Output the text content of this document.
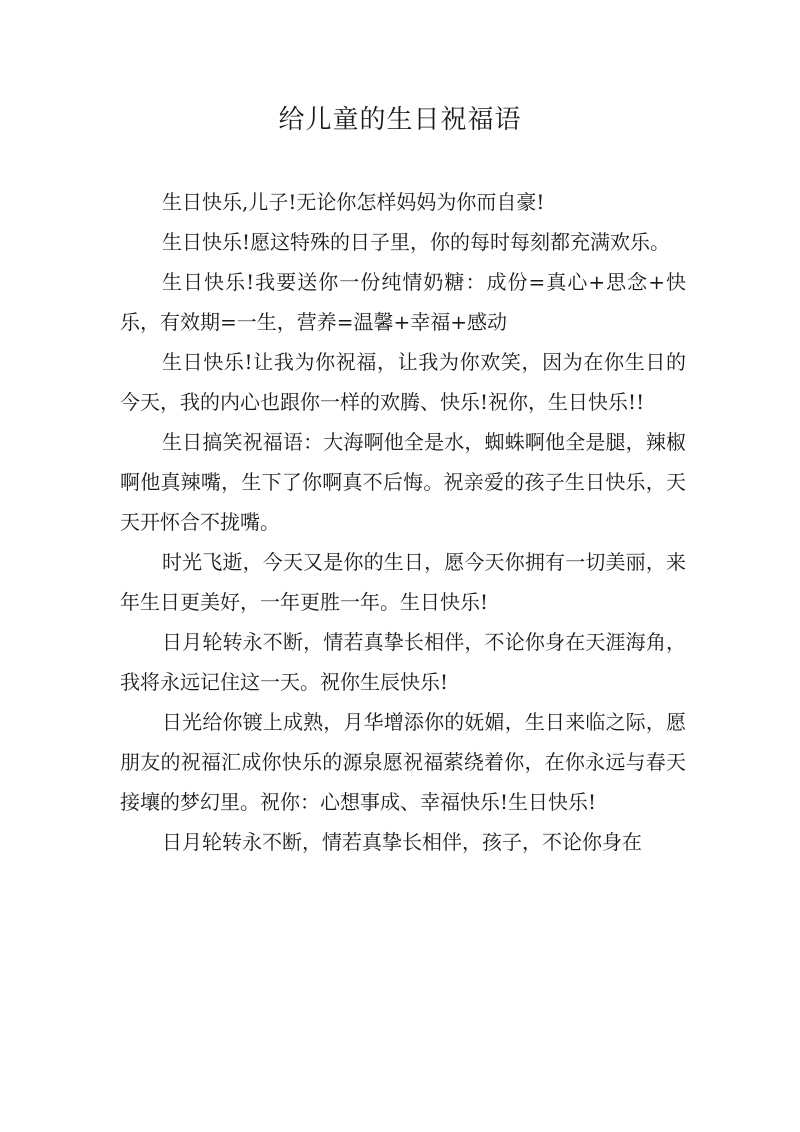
给儿童的生日祝福语

生日快乐,儿子!无论你怎样妈妈为你而自豪!

生日快乐!愿这特殊的日子里，你的每时每刻都充满欢乐。

生日快乐!我要送你一份纯情奶糖：成份=真心+思念+快乐，有效期=一生，营养=温馨+幸福+感动

生日快乐!让我为你祝福，让我为你欢笑，因为在你生日的今天，我的内心也跟你一样的欢腾、快乐!祝你，生日快乐!!

生日搞笑祝福语：大海啊他全是水，蜘蛛啊他全是腿，辣椒啊他真辣嘴，生下了你啊真不后悔。祝亲爱的孩子生日快乐，天天开怀合不拢嘴。

时光飞逝，今天又是你的生日，愿今天你拥有一切美丽，来年生日更美好，一年更胜一年。生日快乐!

日月轮转永不断，情若真挚长相伴，不论你身在天涯海角，我将永远记住这一天。祝你生辰快乐!

日光给你镀上成熟，月华增添你的妩媚，生日来临之际，愿朋友的祝福汇成你快乐的源泉愿祝福萦绕着你，在你永远与春天接壤的梦幻里。祝你：心想事成、幸福快乐!生日快乐!

日月轮转永不断，情若真挚长相伴，孩子，不论你身在
